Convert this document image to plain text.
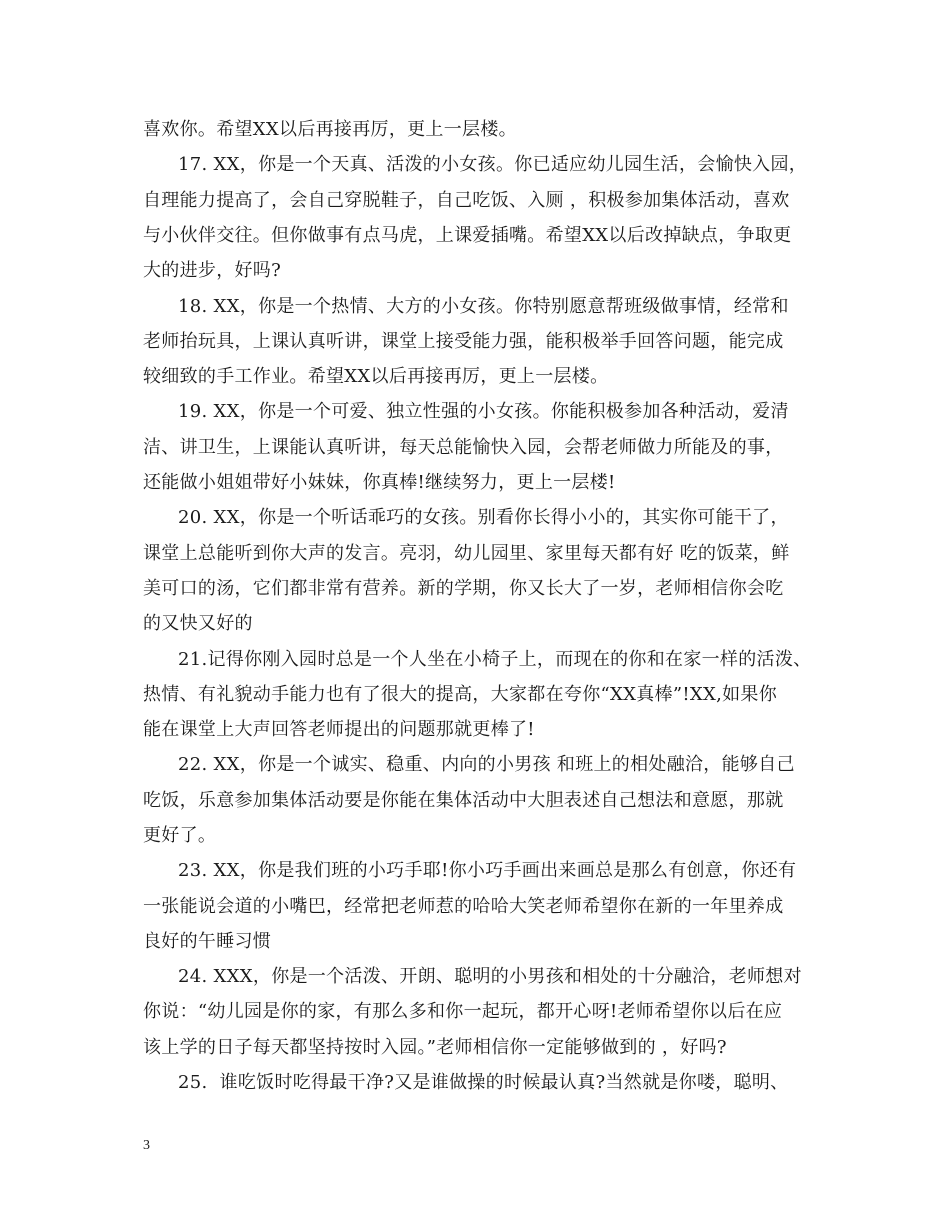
喜欢你。希望XX以后再接再厉，更上一层楼。
17. XX，你是一个天真、活泼的小女孩。你已适应幼儿园生活，会愉快入园，
自理能力提高了，会自己穿脱鞋子，自己吃饭、入厕 ，积极参加集体活动，喜欢
与小伙伴交往。但你做事有点马虎，上课爱插嘴。希望XX以后改掉缺点，争取更
大的进步，好吗?
18. XX，你是一个热情、大方的小女孩。你特别愿意帮班级做事情，经常和
老师抬玩具，上课认真听讲，课堂上接受能力强，能积极举手回答问题，能完成
较细致的手工作业。希望XX以后再接再厉，更上一层楼。
19. XX，你是一个可爱、独立性强的小女孩。你能积极参加各种活动，爱清
洁、讲卫生，上课能认真听讲，每天总能愉快入园，会帮老师做力所能及的事，
还能做小姐姐带好小妹妹，你真棒!继续努力，更上一层楼!
20. XX，你是一个听话乖巧的女孩。别看你长得小小的，其实你可能干了，
课堂上总能听到你大声的发言。亮羽，幼儿园里、家里每天都有好 吃的饭菜，鲜
美可口的汤，它们都非常有营养。新的学期，你又长大了一岁，老师相信你会吃
的又快又好的
21.记得你刚入园时总是一个人坐在小椅子上，而现在的你和在家一样的活泼、
热情、有礼貌动手能力也有了很大的提高，大家都在夸你“XX真棒”!XX,如果你
能在课堂上大声回答老师提出的问题那就更棒了!
22. XX，你是一个诚实、稳重、内向的小男孩 和班上的相处融洽，能够自己
吃饭，乐意参加集体活动要是你能在集体活动中大胆表述自己想法和意愿，那就
更好了。
23. XX，你是我们班的小巧手耶!你小巧手画出来画总是那么有创意，你还有
一张能说会道的小嘴巴，经常把老师惹的哈哈大笑老师希望你在新的一年里养成
良好的午睡习惯
24. XXX，你是一个活泼、开朗、聪明的小男孩和相处的十分融洽，老师想对
你说：“幼儿园是你的家，有那么多和你一起玩，都开心呀!老师希望你以后在应
该上学的日子每天都坚持按时入园。”老师相信你一定能够做到的 ，好吗?
25.  谁吃饭时吃得最干净?又是谁做操的时候最认真?当然就是你喽，聪明、
3
